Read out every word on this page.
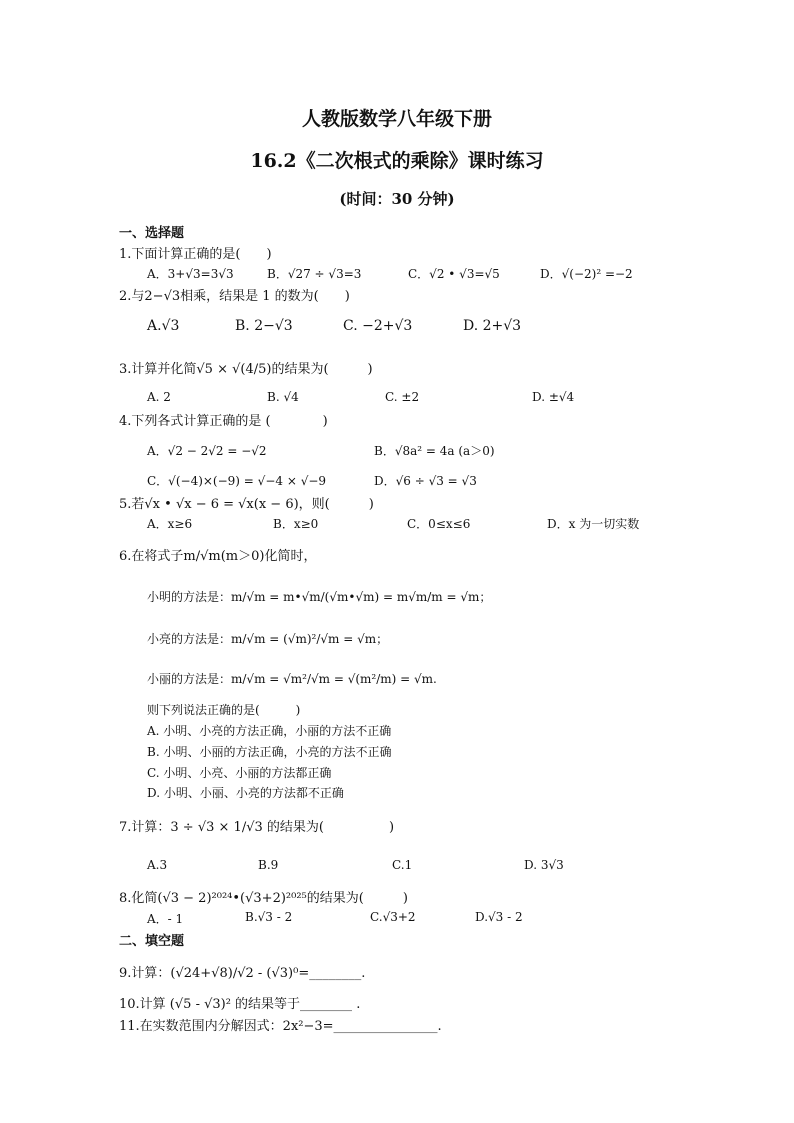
人教版数学八年级下册
16.2《二次根式的乘除》课时练习
(时间：30 分钟)
一、选择题
1.下面计算正确的是(　　)
A．3+√3=3√3	B．√27 ÷ √3=3	C．√2 • √3=√5	D．√(−2)² =−2
2.与2−√3相乘，结果是 1 的数为(　　)
A.√3	B. 2−√3	C. −2+√3	D. 2+√3
3.计算并化简√5 × √(4/5)的结果为(　　　)
A. 2	B. √4	C. ±2	D. ±√4
4.下列各式计算正确的是 (　　　　)
A．√2 − 2√2 = −√2	B．√8a² = 4a (a＞0)
C．√(−4)×(−9) = √−4 × √−9	D．√6 ÷ √3 = √3
5.若√x • √x − 6 = √x(x − 6)，则(　　　)
A．x≥6	B．x≥0	C．0≤x≤6	D．x 为一切实数
6.在将式子m/√m(m＞0)化简时，
小明的方法是：m/√m = m•√m/(√m•√m) = m√m/m = √m；
小亮的方法是：m/√m = (√m)²/√m = √m；
小丽的方法是：m/√m = √m²/√m = √(m²/m) = √m.
则下列说法正确的是(　　　)
A. 小明、小亮的方法正确，小丽的方法不正确
B. 小明、小丽的方法正确，小亮的方法不正确
C. 小明、小亮、小丽的方法都正确
D. 小明、小丽、小亮的方法都不正确
7.计算：3 ÷ √3 × 1/√3 的结果为(　　　　　)
A.3	B.9	C.1	D. 3√3
8.化简(√3 − 2)²⁰²⁴•(√3+2)²⁰²⁵的结果为(　　　)
A．- 1	B.√3 - 2	C.√3+2	D.√3 - 2
二、填空题
9.计算：(√24+√8)/√2 - (√3)⁰=________.
10.计算 (√5 - √3)² 的结果等于________ .
11.在实数范围内分解因式：2x²−3=________________.
